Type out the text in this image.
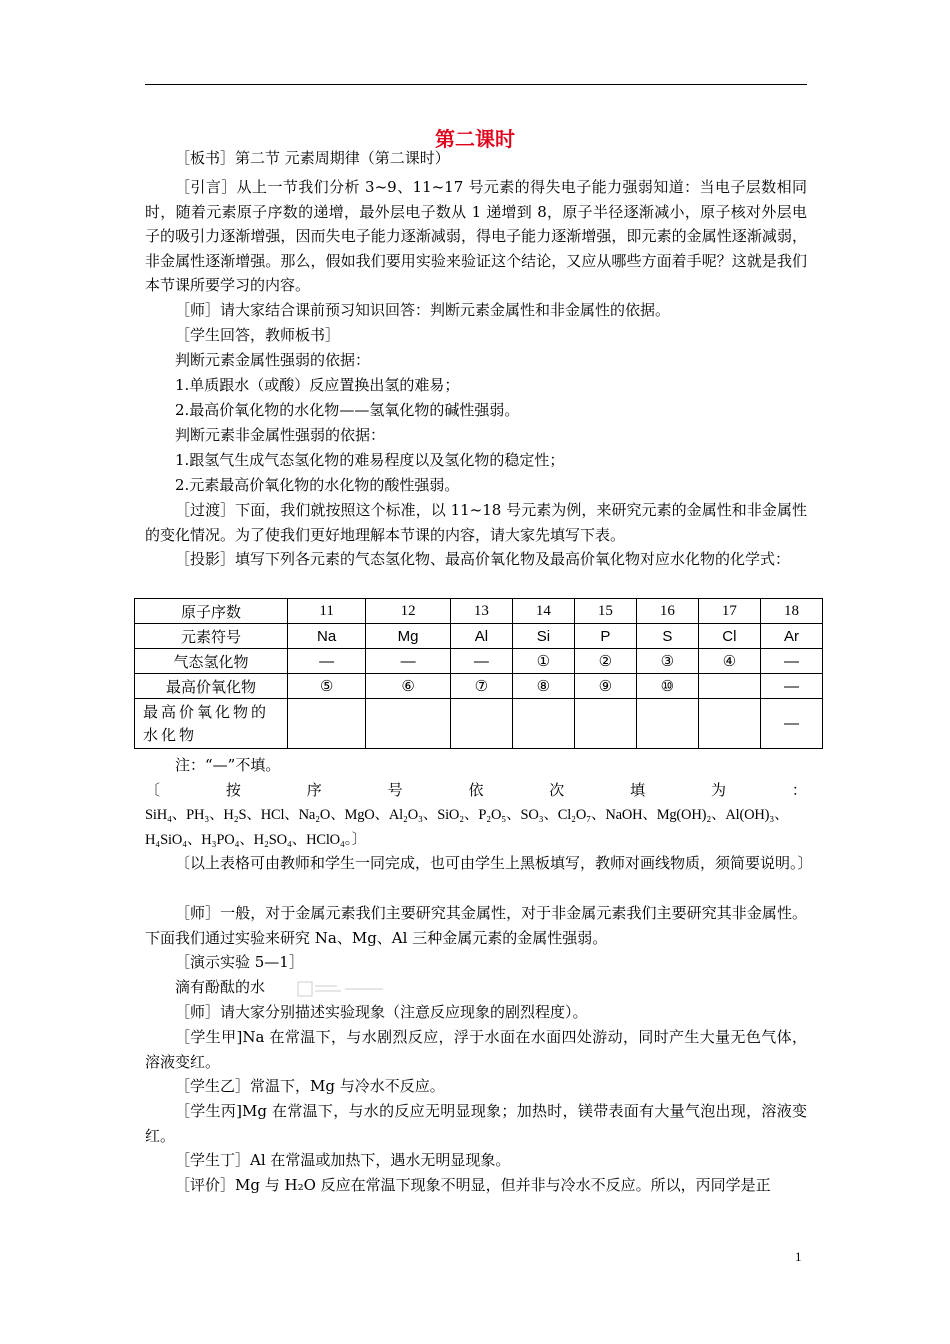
第二课时

［板书］第二节 元素周期律（第二课时）

［引言］从上一节我们分析 3~9、11~17 号元素的得失电子能力强弱知道：当电子层数相同时，随着元素原子序数的递增，最外层电子数从 1 递增到 8，原子半径逐渐减小，原子核对外层电子的吸引力逐渐增强，因而失电子能力逐渐减弱，得电子能力逐渐增强，即元素的金属性逐渐减弱，非金属性逐渐增强。那么，假如我们要用实验来验证这个结论，又应从哪些方面着手呢？这就是我们本节课所要学习的内容。

［师］请大家结合课前预习知识回答：判断元素金属性和非金属性的依据。

［学生回答，教师板书］

判断元素金属性强弱的依据：

1.单质跟水（或酸）反应置换出氢的难易；

2.最高价氧化物的水化物——氢氧化物的碱性强弱。

判断元素非金属性强弱的依据：

1.跟氢气生成气态氢化物的难易程度以及氢化物的稳定性；

2.元素最高价氧化物的水化物的酸性强弱。

［过渡］下面，我们就按照这个标准，以 11~18 号元素为例，来研究元素的金属性和非金属性的变化情况。为了使我们更好地理解本节课的内容，请大家先填写下表。

［投影］填写下列各元素的气态氢化物、最高价氧化物及最高价氧化物对应水化物的化学式：

原子序数	11	12	13	14	15	16	17	18
元素符号	Na	Mg	Al	Si	P	S	Cl	Ar
气态氢化物	—	—	—	①	②	③	④	—
最高价氧化物	⑤	⑥	⑦	⑧	⑨	⑩		—
最高价氧化物的水化物								—

注：“—”不填。

〔	按	序	号	依	次	填	为	：

SiH₄、PH₃、H₂S、HCl、Na₂O、MgO、Al₂O₃、SiO₂、P₂O₅、SO₃、Cl₂O₇、NaOH、Mg(OH)₂、Al(OH)₃、H₄SiO₄、H₃PO₄、H₂SO₄、HClO₄。〕

〔以上表格可由教师和学生一同完成，也可由学生上黑板填写，教师对画线物质，须简要说明。〕

［师］一般，对于金属元素我们主要研究其金属性，对于非金属元素我们主要研究其非金属性。下面我们通过实验来研究 Na、Mg、Al 三种金属元素的金属性强弱。

［演示实验 5—1］

滴有酚酞的水

［师］请大家分别描述实验现象（注意反应现象的剧烈程度）。

［学生甲]Na 在常温下，与水剧烈反应，浮于水面在水面四处游动，同时产生大量无色气体，溶液变红。

［学生乙］常温下，Mg 与冷水不反应。

［学生丙]Mg 在常温下，与水的反应无明显现象；加热时，镁带表面有大量气泡出现，溶液变红。

［学生丁］Al 在常温或加热下，遇水无明显现象。

［评价］Mg 与 H₂O 反应在常温下现象不明显，但并非与冷水不反应。所以，丙同学是正

1
